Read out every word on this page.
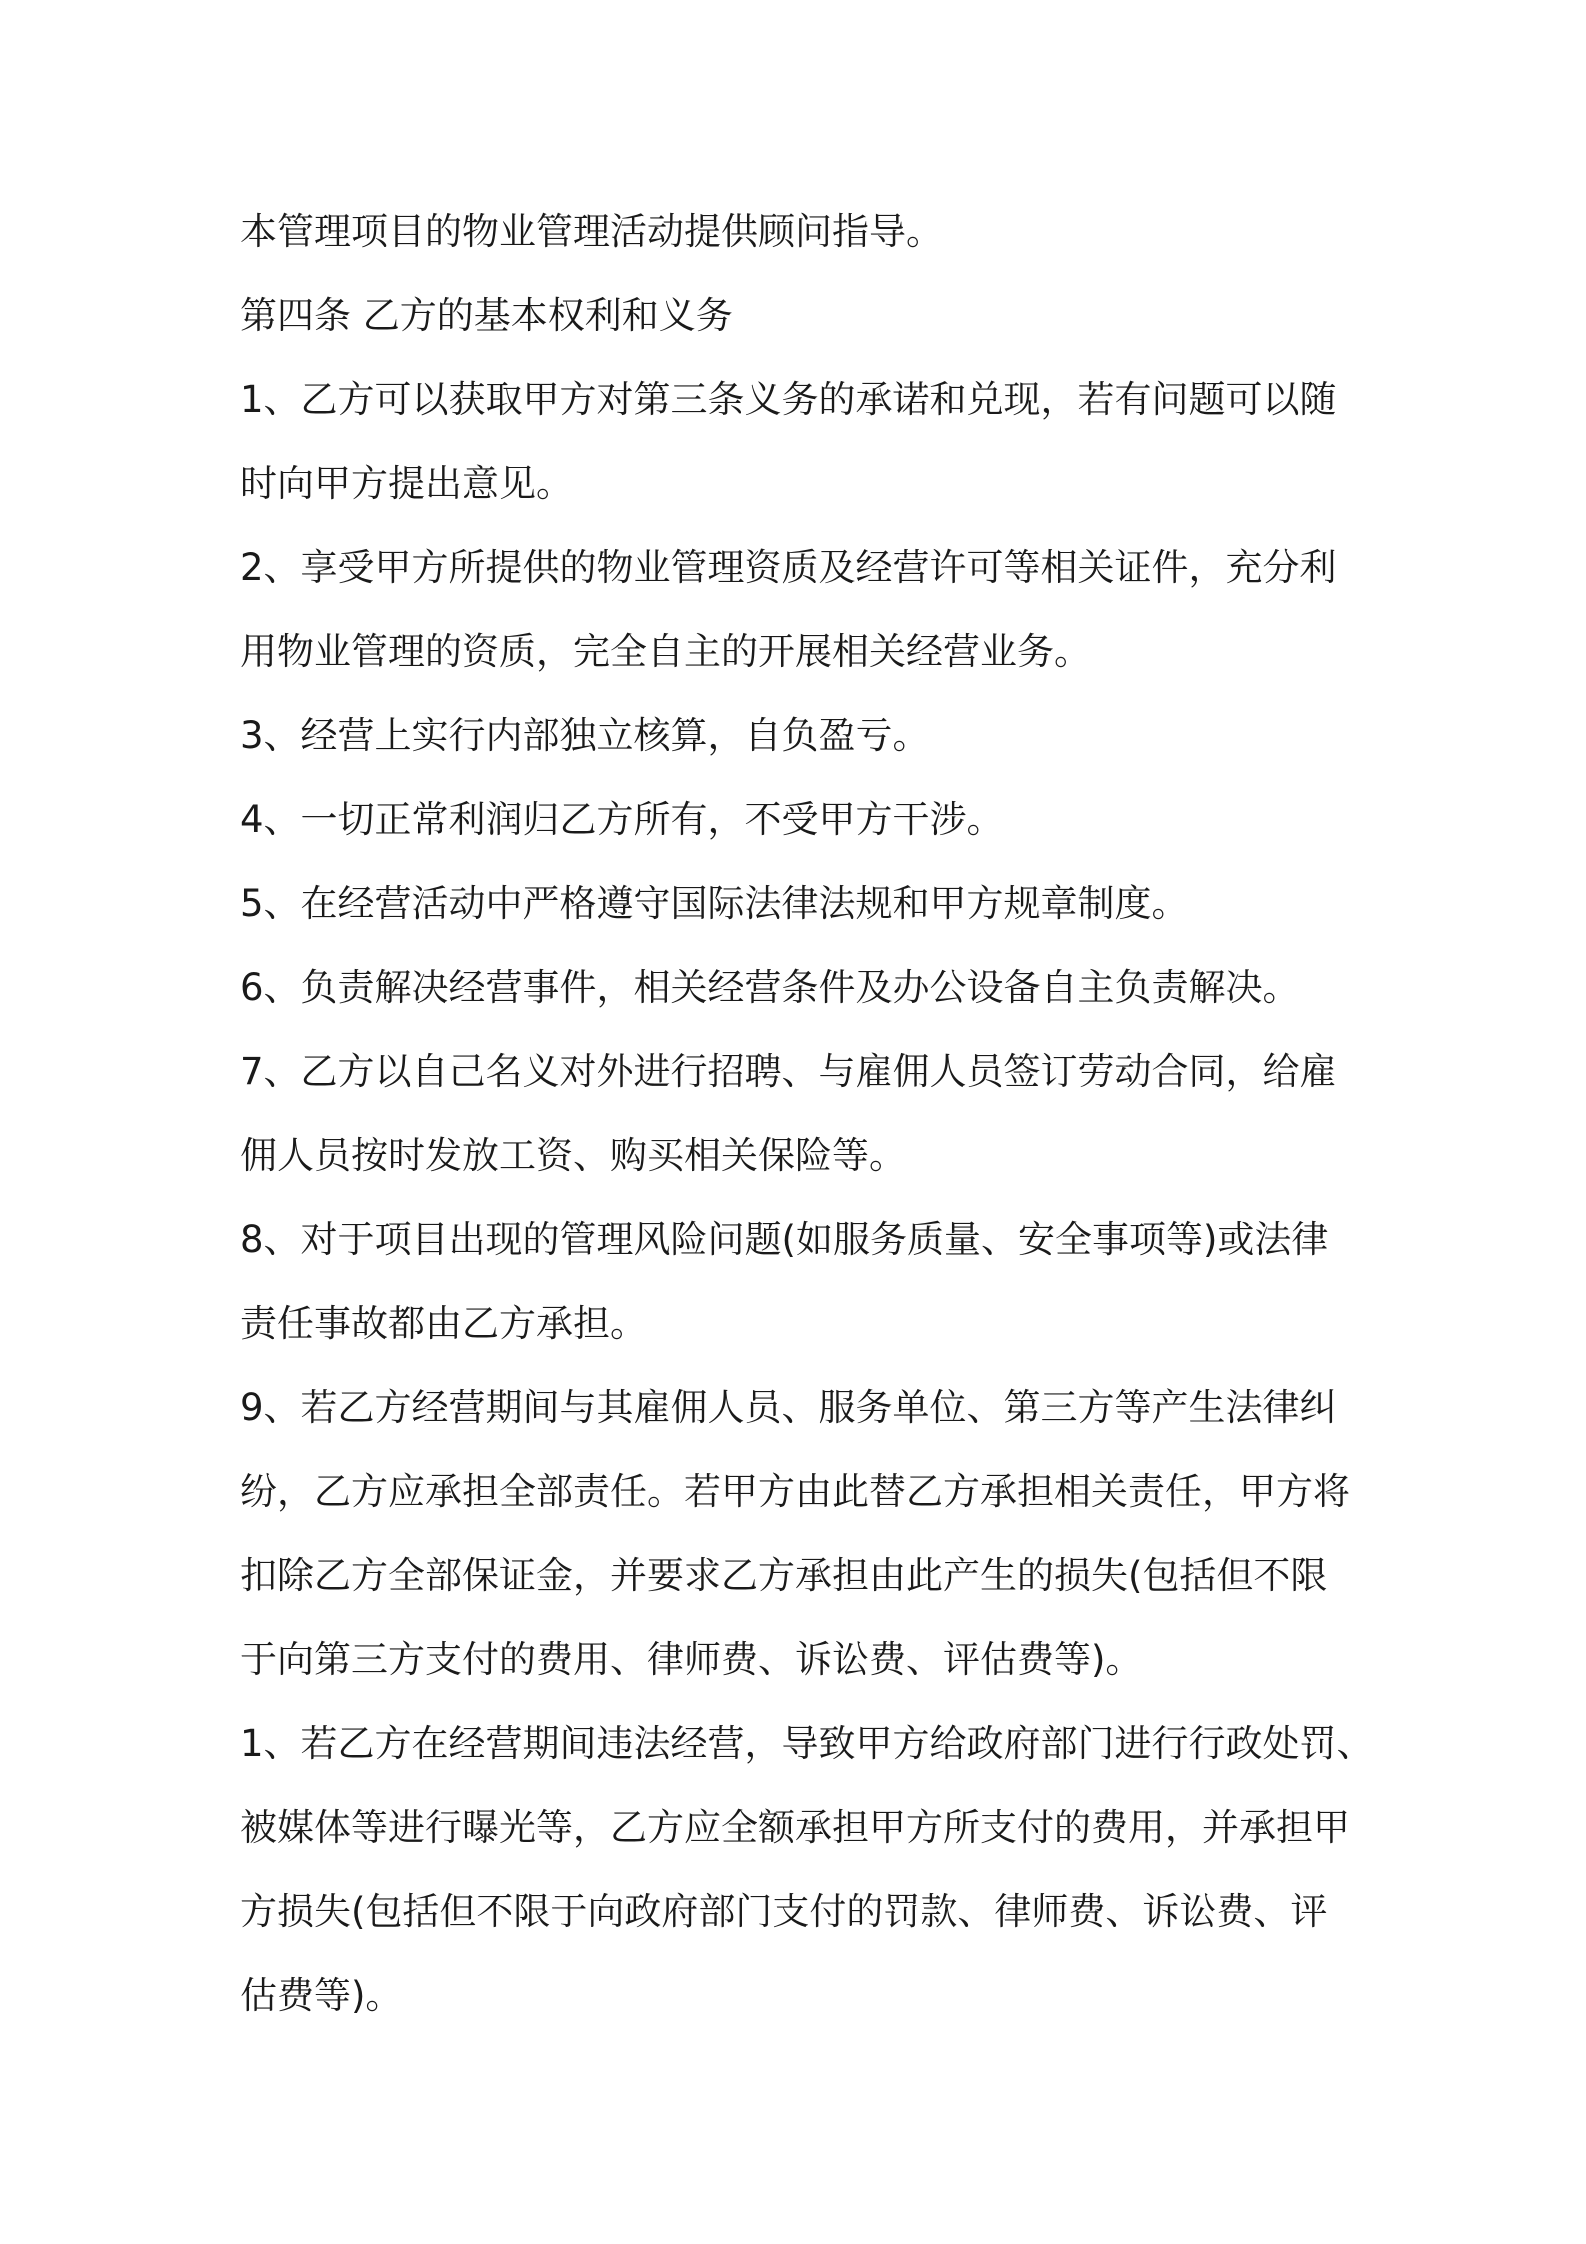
本管理项目的物业管理活动提供顾问指导。
第四条 乙方的基本权利和义务
1、乙方可以获取甲方对第三条义务的承诺和兑现，若有问题可以随
时向甲方提出意见。
2、享受甲方所提供的物业管理资质及经营许可等相关证件，充分利
用物业管理的资质，完全自主的开展相关经营业务。
3、经营上实行内部独立核算，自负盈亏。
4、一切正常利润归乙方所有，不受甲方干涉。
5、在经营活动中严格遵守国际法律法规和甲方规章制度。
6、负责解决经营事件，相关经营条件及办公设备自主负责解决。
7、乙方以自己名义对外进行招聘、与雇佣人员签订劳动合同，给雇
佣人员按时发放工资、购买相关保险等。
8、对于项目出现的管理风险问题(如服务质量、安全事项等)或法律
责任事故都由乙方承担。
9、若乙方经营期间与其雇佣人员、服务单位、第三方等产生法律纠
纷，乙方应承担全部责任。若甲方由此替乙方承担相关责任，甲方将
扣除乙方全部保证金，并要求乙方承担由此产生的损失(包括但不限
于向第三方支付的费用、律师费、诉讼费、评估费等)。
1、若乙方在经营期间违法经营，导致甲方给政府部门进行行政处罚、
被媒体等进行曝光等，乙方应全额承担甲方所支付的费用，并承担甲
方损失(包括但不限于向政府部门支付的罚款、律师费、诉讼费、评
估费等)。
